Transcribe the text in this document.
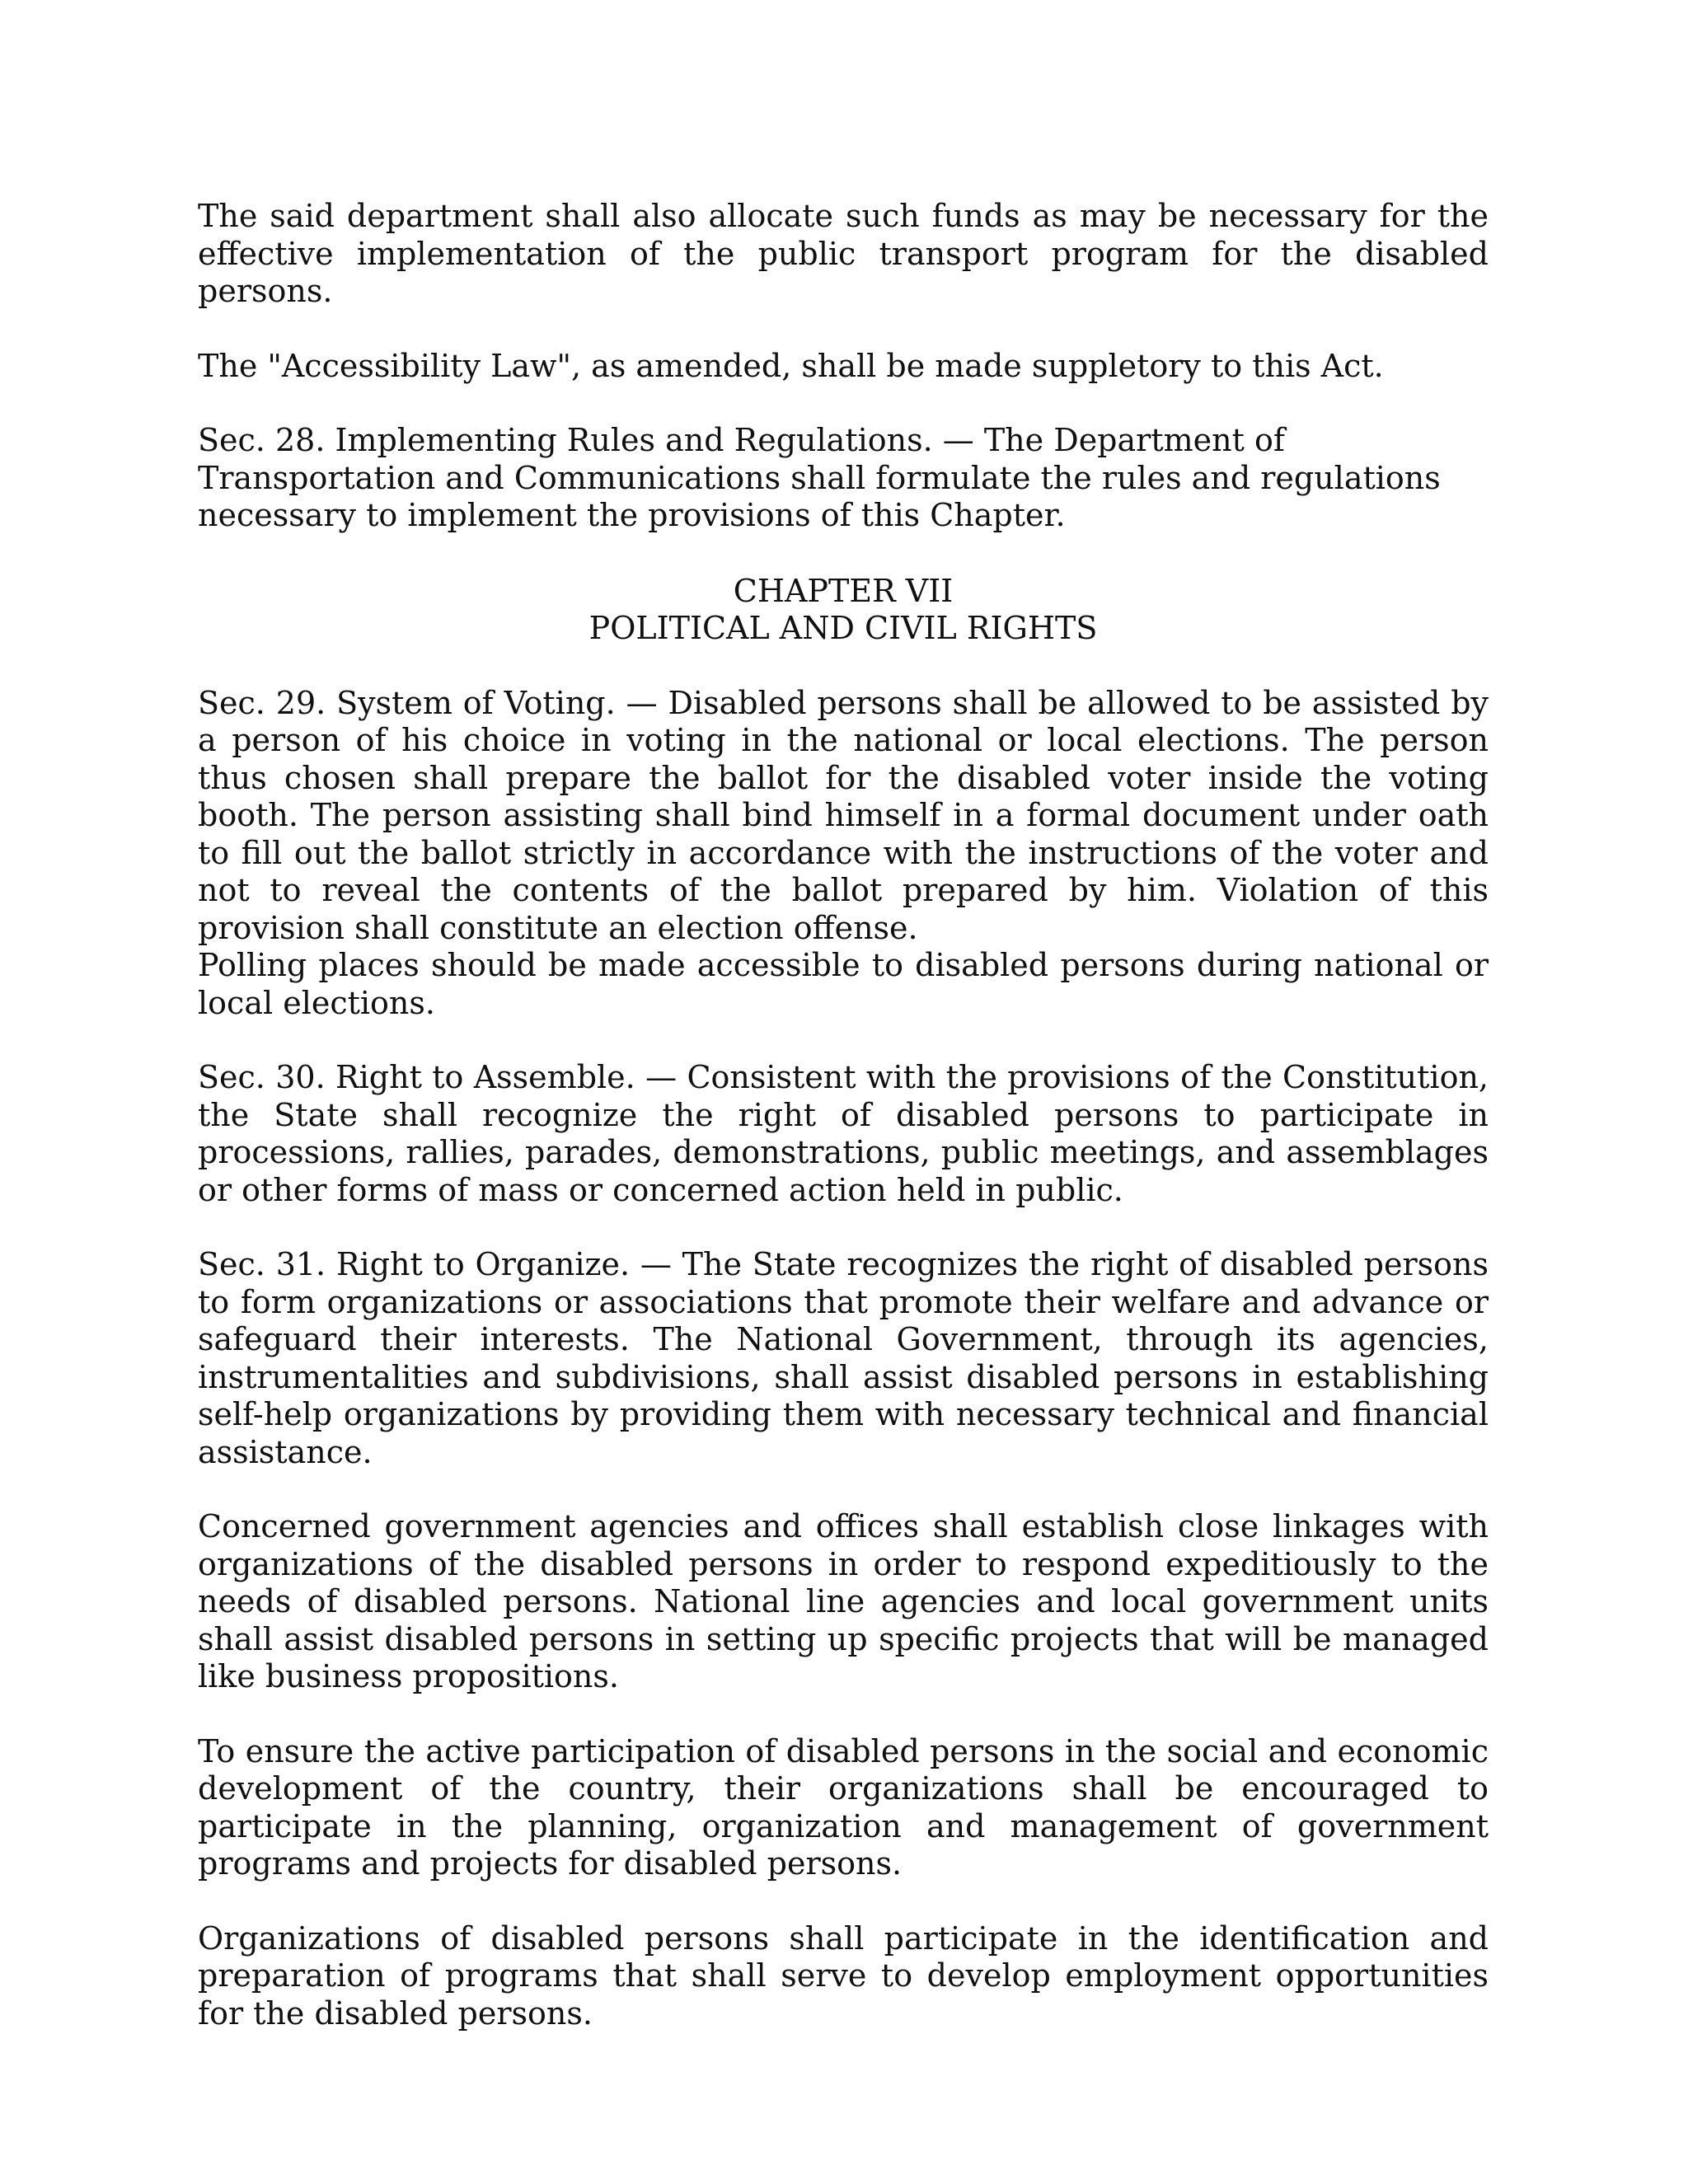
The said department shall also allocate such funds as may be necessary for the effective implementation of the public transport program for the disabled persons.

The "Accessibility Law", as amended, shall be made suppletory to this Act.

Sec. 28. Implementing Rules and Regulations. — The Department of Transportation and Communications shall formulate the rules and regulations necessary to implement the provisions of this Chapter.

CHAPTER VII
POLITICAL AND CIVIL RIGHTS
Sec. 29. System of Voting. — Disabled persons shall be allowed to be assisted by a person of his choice in voting in the national or local elections. The person thus chosen shall prepare the ballot for the disabled voter inside the voting booth. The person assisting shall bind himself in a formal document under oath to fill out the ballot strictly in accordance with the instructions of the voter and not to reveal the contents of the ballot prepared by him. Violation of this provision shall constitute an election offense.
Polling places should be made accessible to disabled persons during national or local elections.

Sec. 30. Right to Assemble. — Consistent with the provisions of the Constitution, the State shall recognize the right of disabled persons to participate in processions, rallies, parades, demonstrations, public meetings, and assemblages or other forms of mass or concerned action held in public.

Sec. 31. Right to Organize. — The State recognizes the right of disabled persons to form organizations or associations that promote their welfare and advance or safeguard their interests. The National Government, through its agencies, instrumentalities and subdivisions, shall assist disabled persons in establishing self-help organizations by providing them with necessary technical and financial assistance.

Concerned government agencies and offices shall establish close linkages with organizations of the disabled persons in order to respond expeditiously to the needs of disabled persons. National line agencies and local government units shall assist disabled persons in setting up specific projects that will be managed like business propositions.

To ensure the active participation of disabled persons in the social and economic development of the country, their organizations shall be encouraged to participate in the planning, organization and management of government programs and projects for disabled persons.

Organizations of disabled persons shall participate in the identification and preparation of programs that shall serve to develop employment opportunities for the disabled persons.
